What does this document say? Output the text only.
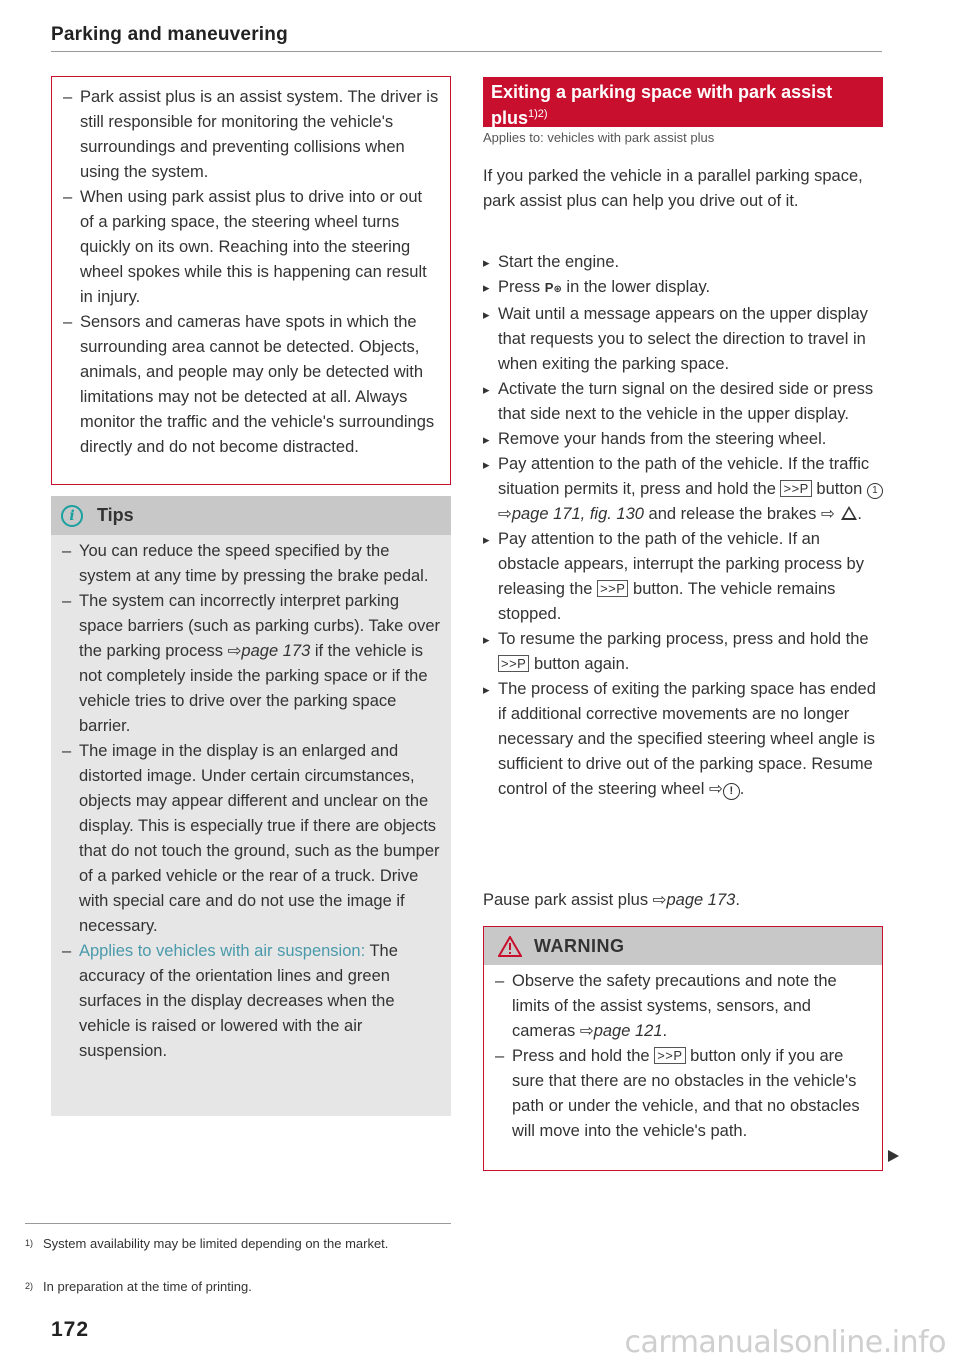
Parking and maneuvering
– Park assist plus is an assist system. The driver is still responsible for monitoring the vehicle's surroundings and preventing collisions when using the system.
– When using park assist plus to drive into or out of a parking space, the steering wheel turns quickly on its own. Reaching into the steering wheel spokes while this is happening can result in injury.
– Sensors and cameras have spots in which the surrounding area cannot be detected. Objects, animals, and people may only be detected with limitations may not be detected at all. Always monitor the traffic and the vehicle's surroundings directly and do not become distracted.
i	Tips
– You can reduce the speed specified by the system at any time by pressing the brake pedal.
– The system can incorrectly interpret parking space barriers (such as parking curbs). Take over the parking process ⇨page 173 if the vehicle is not completely inside the parking space or if the vehicle tries to drive over the parking space barrier.
– The image in the display is an enlarged and distorted image. Under certain circumstances, objects may appear different and unclear on the display. This is especially true if there are objects that do not touch the ground, such as the bumper of a parked vehicle or the rear of a truck. Drive with special care and do not use the image if necessary.
– Applies to vehicles with air suspension: The accuracy of the orientation lines and green surfaces in the display decreases when the vehicle is raised or lowered with the air suspension.
1) System availability may be limited depending on the market.
2) In preparation at the time of printing.
172
Exiting a parking space with park assist plus$^{1)2)}$
Applies to: vehicles with park assist plus
If you parked the vehicle in a parallel parking space, park assist plus can help you drive out of it.
▸ Start the engine.
▸ Press P⊛ in the lower display.
▸ Wait until a message appears on the upper display that requests you to select the direction to travel in when exiting the parking space.
▸ Activate the turn signal on the desired side or press that side next to the vehicle in the upper display.
▸ Remove your hands from the steering wheel.
▸ Pay attention to the path of the vehicle. If the traffic situation permits it, press and hold the >>P button 1 ⇨page 171, fig. 130 and release the brakes ⇨ .
▸ Pay attention to the path of the vehicle. If an obstacle appears, interrupt the parking process by releasing the >>P button. The vehicle remains stopped.
▸ To resume the parking process, press and hold the >>P button again.
▸ The process of exiting the parking space has ended if additional corrective movements are no longer necessary and the specified steering wheel angle is sufficient to drive out of the parking space. Resume control of the steering wheel ⇨ ! .
Pause park assist plus ⇨page 173.
WARNING
– Observe the safety precautions and note the limits of the assist systems, sensors, and cameras ⇨page 121.
– Press and hold the >>P button only if you are sure that there are no obstacles in the vehicle's path or under the vehicle, and that no obstacles will move into the vehicle's path.
carmanualsonline.info
